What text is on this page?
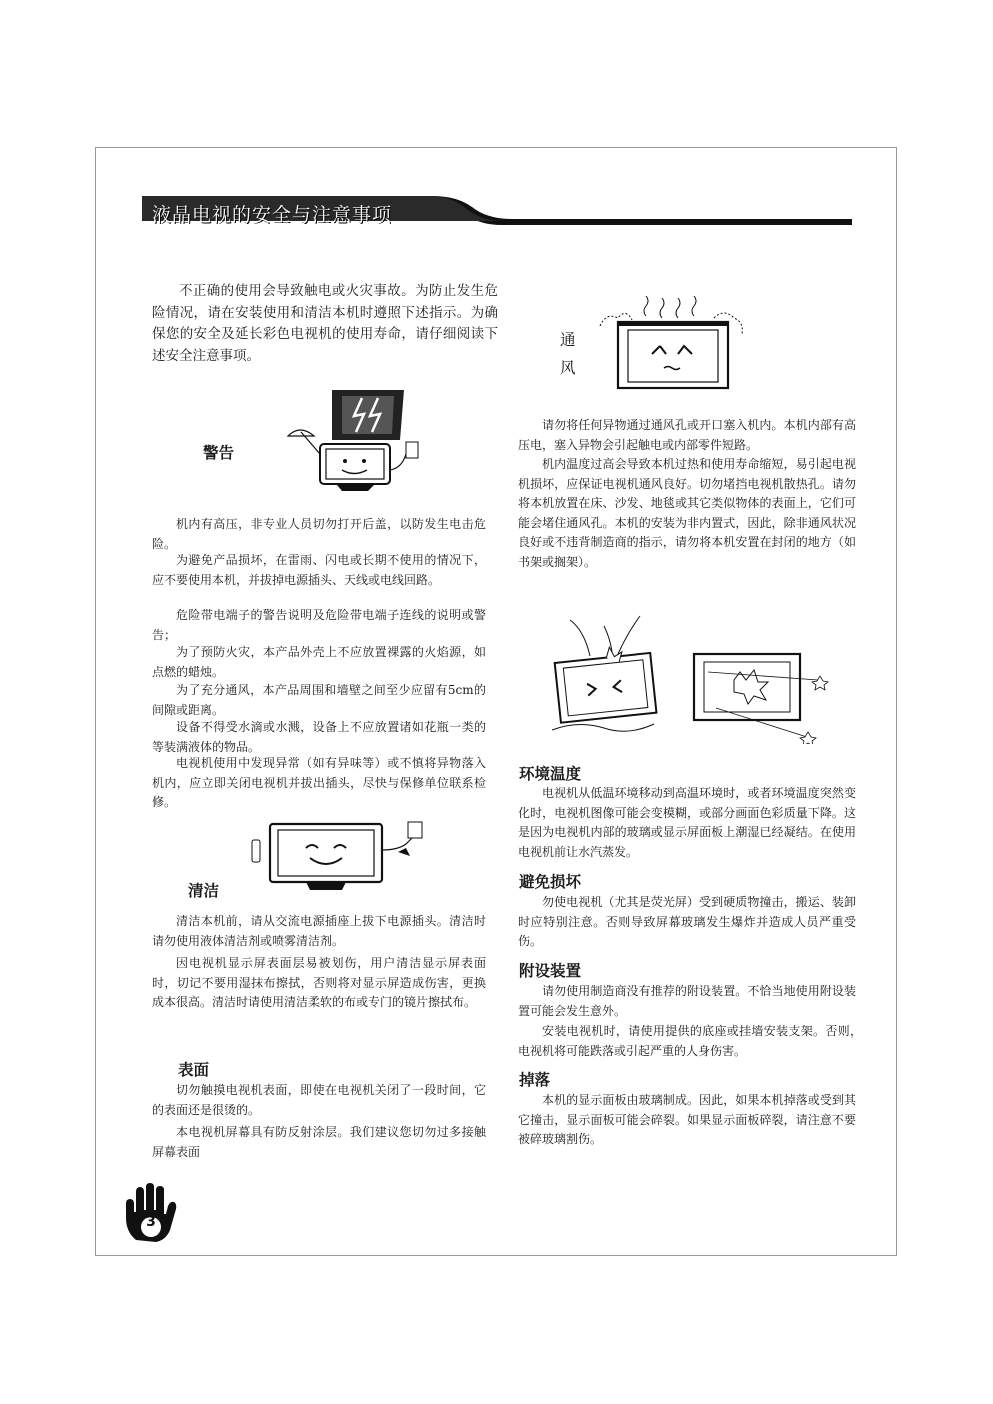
液晶电视的安全与注意事项

不正确的使用会导致触电或火灾事故。为防止发生危险情况，请在安装使用和清洁本机时遵照下述指示。为确保您的安全及延长彩色电视机的使用寿命，请仔细阅读下述安全注意事项。

警告

机内有高压，非专业人员切勿打开后盖，以防发生电击危险。

为避免产品损坏，在雷雨、闪电或长期不使用的情况下，应不要使用本机，并拔掉电源插头、天线或电线回路。

危险带电端子的警告说明及危险带电端子连线的说明或警告；

为了预防火灾，本产品外壳上不应放置裸露的火焰源，如点燃的蜡烛。

为了充分通风，本产品周围和墙壁之间至少应留有5cm的间隙或距离。

设备不得受水滴或水溅，设备上不应放置诸如花瓶一类的等装满液体的物品。

电视机使用中发现异常（如有异味等）或不慎将异物落入机内，应立即关闭电视机并拔出插头，尽快与保修单位联系检修。

清洁

清洁本机前，请从交流电源插座上拔下电源插头。清洁时请勿使用液体清洁剂或喷雾清洁剂。

因电视机显示屏表面层易被划伤，用户清洁显示屏表面时，切记不要用湿抹布擦拭，否则将对显示屏造成伤害，更换成本很高。清洁时请使用清洁柔软的布或专门的镜片擦拭布。

表面

切勿触摸电视机表面，即使在电视机关闭了一段时间，它的表面还是很烫的。

本电视机屏幕具有防反射涂层。我们建议您切勿过多接触屏幕表面

3
通
风

请勿将任何异物通过通风孔或开口塞入机内。本机内部有高压电，塞入异物会引起触电或内部零件短路。

机内温度过高会导致本机过热和使用寿命缩短，易引起电视机损坏，应保证电视机通风良好。切勿堵挡电视机散热孔。请勿将本机放置在床、沙发、地毯或其它类似物体的表面上，它们可能会堵住通风孔。本机的安装为非内置式，因此，除非通风状况良好或不违背制造商的指示，请勿将本机安置在封闭的地方（如书架或搁架）。

环境温度

电视机从低温环境移动到高温环境时，或者环境温度突然变化时，电视机图像可能会变模糊，或部分画面色彩质量下降。这是因为电视机内部的玻璃或显示屏面板上潮湿已经凝结。在使用电视机前让水汽蒸发。

避免损坏

勿使电视机（尤其是荧光屏）受到硬质物撞击，搬运、装卸时应特别注意。否则导致屏幕玻璃发生爆炸并造成人员严重受伤。

附设装置

请勿使用制造商没有推荐的附设装置。不恰当地使用附设装置可能会发生意外。

安装电视机时，请使用提供的底座或挂墙安装支架。否则，电视机将可能跌落或引起严重的人身伤害。

掉落

本机的显示面板由玻璃制成。因此，如果本机掉落或受到其它撞击，显示面板可能会碎裂。如果显示面板碎裂，请注意不要被碎玻璃割伤。
